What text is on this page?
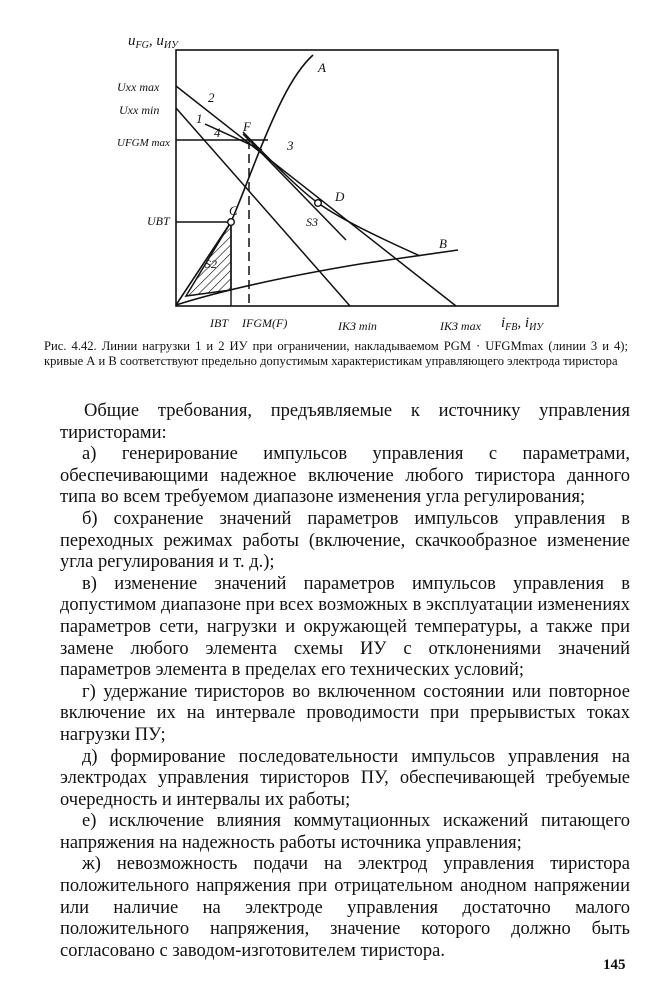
$u_{FG}$, $u_{ИУ}$
$i_{FB}$, $i_{ИУ}$
Uxx max
Uxx min
UFGM max
UBT
IBT IFGM(F)	IКЗ min	IКЗ max
A
B
2
1
4
3
F
C
D
S2
S3

Рис. 4.42. Линии нагрузки 1 и 2 ИУ при ограничении, накладываемом PGM · UFGMmax (линии 3 и 4); кривые А и В соответствуют предельно допустимым характеристикам управляющего электрода тиристора

Общие требования, предъявляемые к источнику управления тиристорами:

а) генерирование импульсов управления с параметрами, обеспечивающими надежное включение любого тиристора данного типа во всем требуемом диапазоне изменения угла регулирования;

б) сохранение значений параметров импульсов управления в переходных режимах работы (включение, скачкообразное изменение угла регулирования и т. д.);

в) изменение значений параметров импульсов управления в допустимом диапазоне при всех возможных в эксплуатации изменениях параметров сети, нагрузки и окружающей температуры, а также при замене любого элемента схемы ИУ с отклонениями значений параметров элемента в пределах его технических условий;

г) удержание тиристоров во включенном состоянии или повторное включение их на интервале проводимости при прерывистых токах нагрузки ПУ;

д) формирование последовательности импульсов управления на электродах управления тиристоров ПУ, обеспечивающей требуемые очередность и интервалы их работы;

е) исключение влияния коммутационных искажений питающего напряжения на надежность работы источника управления;

ж) невозможность подачи на электрод управления тиристора положительного напряжения при отрицательном анодном напряжении или наличие на электроде управления достаточно малого положительного напряжения, значение которого должно быть согласовано с заводом-изготовителем тиристора.

145
